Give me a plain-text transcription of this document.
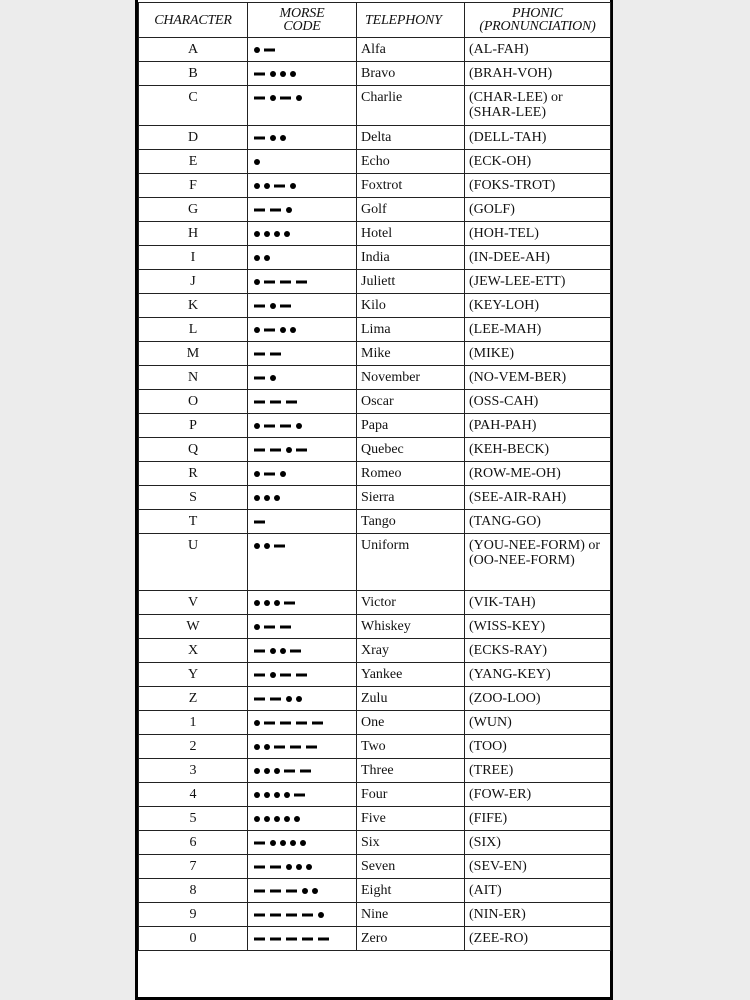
CHARACTER	MORSE
CODE	TELEPHONY	PHONIC
(PRONUNCIATION)
A		Alfa	(AL-FAH)
B		Bravo	(BRAH-VOH)
C		Charlie	(CHAR-LEE) or (SHAR-LEE)
D		Delta	(DELL-TAH)
E		Echo	(ECK-OH)
F		Foxtrot	(FOKS-TROT)
G		Golf	(GOLF)
H		Hotel	(HOH-TEL)
I		India	(IN-DEE-AH)
J		Juliett	(JEW-LEE-ETT)
K		Kilo	(KEY-LOH)
L		Lima	(LEE-MAH)
M		Mike	(MIKE)
N		November	(NO-VEM-BER)
O		Oscar	(OSS-CAH)
P		Papa	(PAH-PAH)
Q		Quebec	(KEH-BECK)
R		Romeo	(ROW-ME-OH)
S		Sierra	(SEE-AIR-RAH)
T		Tango	(TANG-GO)
U		Uniform	(YOU-NEE-FORM) or (OO-NEE-FORM)
V		Victor	(VIK-TAH)
W		Whiskey	(WISS-KEY)
X		Xray	(ECKS-RAY)
Y		Yankee	(YANG-KEY)
Z		Zulu	(ZOO-LOO)
1		One	(WUN)
2		Two	(TOO)
3		Three	(TREE)
4		Four	(FOW-ER)
5		Five	(FIFE)
6		Six	(SIX)
7		Seven	(SEV-EN)
8		Eight	(AIT)
9		Nine	(NIN-ER)
0		Zero	(ZEE-RO)
